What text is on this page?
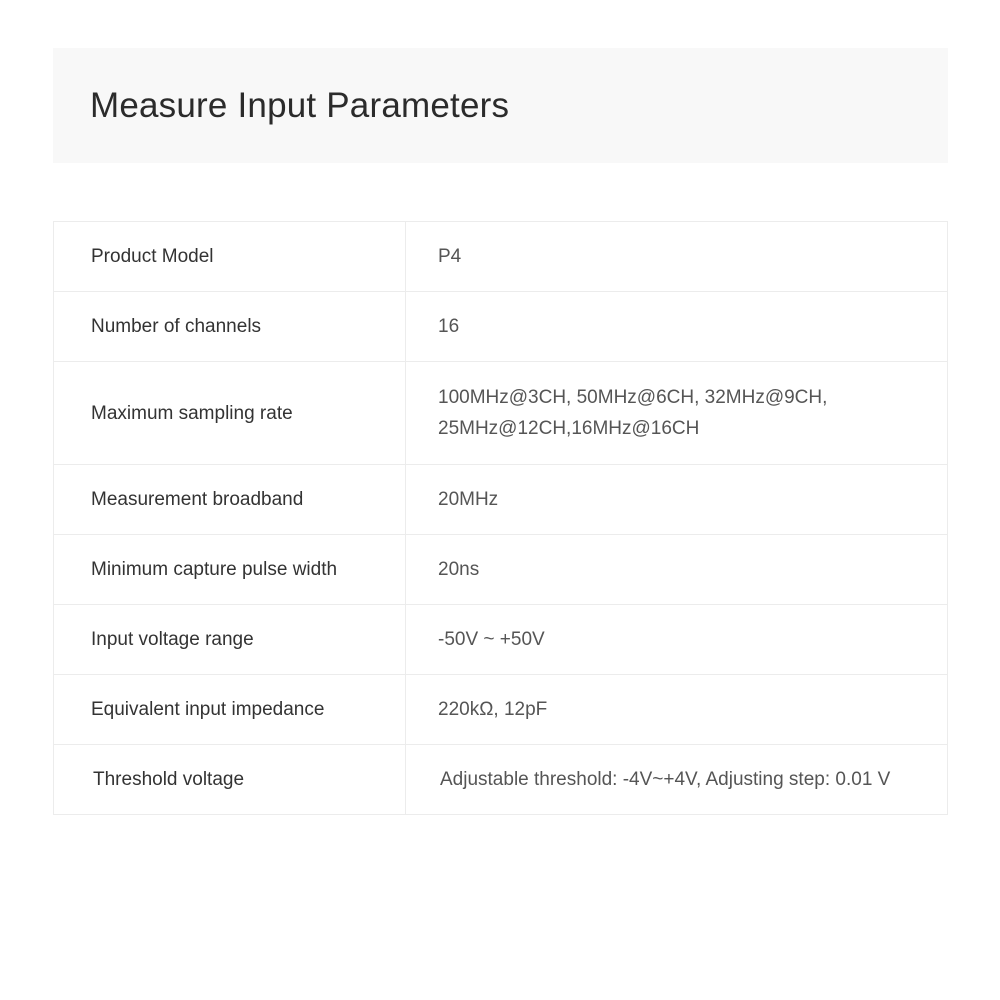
Measure Input Parameters
Product Model	P4
Number of channels	16
Maximum sampling rate	100MHz@3CH, 50MHz@6CH, 32MHz@9CH,
25MHz@12CH,16MHz@16CH

Measurement broadband	20MHz
Minimum capture pulse width	20ns
Input voltage range	-50V ~ +50V
Equivalent input impedance	220kΩ, 12pF
Threshold voltage	Adjustable threshold: -4V~+4V, Adjusting step: 0.01 V
